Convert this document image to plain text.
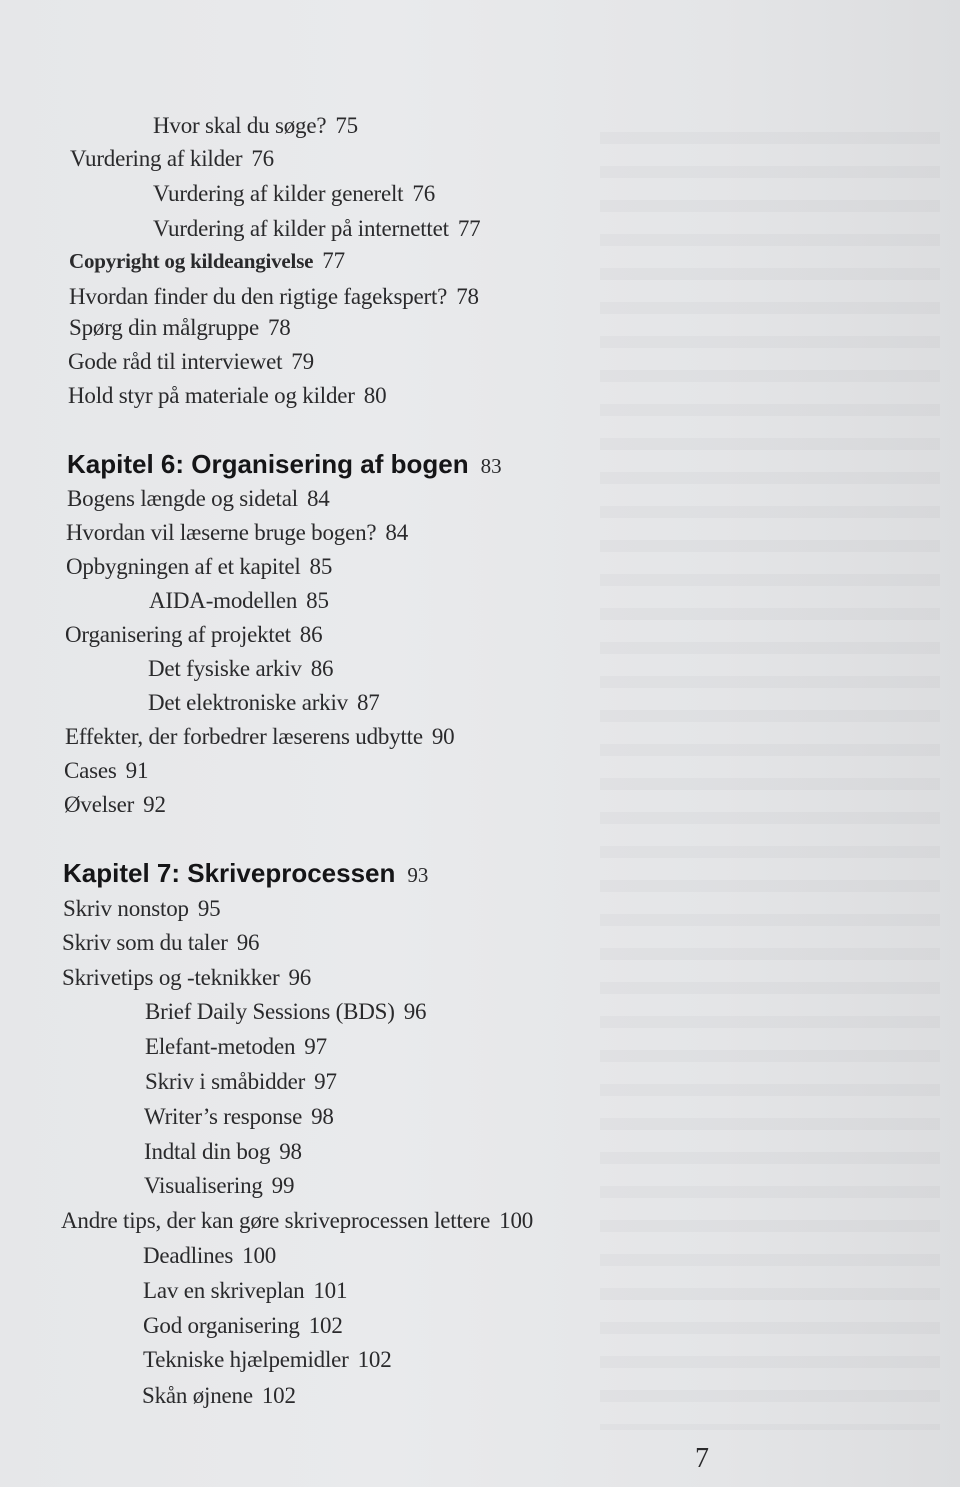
Hvor skal du søge? 75
Vurdering af kilder 76
Vurdering af kilder generelt 76
Vurdering af kilder på internettet 77
Copyright og kildeangivelse 77
Hvordan finder du den rigtige fagekspert? 78
Spørg din målgruppe 78
Gode råd til interviewet 79
Hold styr på materiale og kilder 80
Kapitel 6: Organisering af bogen 83
Bogens længde og sidetal 84
Hvordan vil læserne bruge bogen? 84
Opbygningen af et kapitel 85
AIDA-modellen 85
Organisering af projektet 86
Det fysiske arkiv 86
Det elektroniske arkiv 87
Effekter, der forbedrer læserens udbytte 90
Cases 91
Øvelser 92
Kapitel 7: Skriveprocessen 93
Skriv nonstop 95
Skriv som du taler 96
Skrivetips og -teknikker 96
Brief Daily Sessions (BDS) 96
Elefant-metoden 97
Skriv i småbidder 97
Writer’s response 98
Indtal din bog 98
Visualisering 99
Andre tips, der kan gøre skriveprocessen lettere 100
Deadlines 100
Lav en skriveplan 101
God organisering 102
Tekniske hjælpemidler 102
Skån øjnene 102
7
